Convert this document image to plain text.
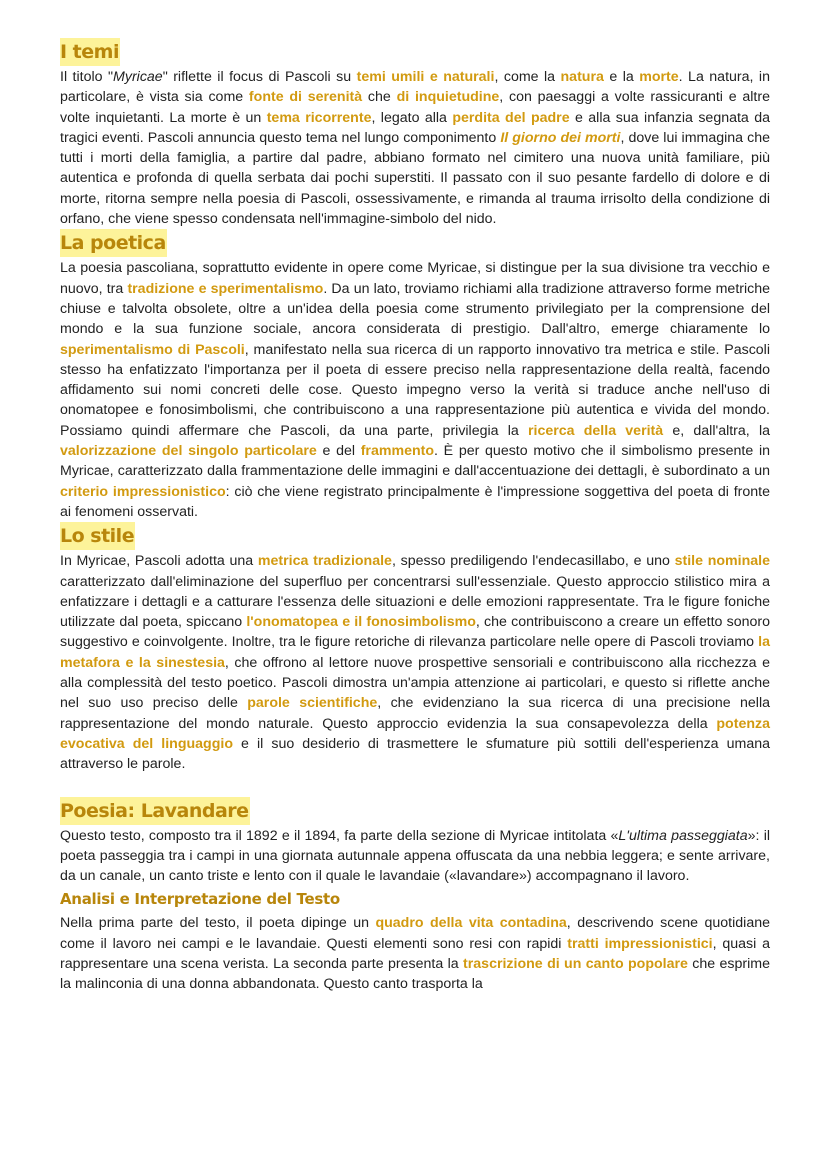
I temi

Il titolo "Myricae" riflette il focus di Pascoli su temi umili e naturali, come la natura e la morte. La natura, in particolare, è vista sia come fonte di serenità che di inquietudine, con paesaggi a volte rassicuranti e altre volte inquietanti. La morte è un tema ricorrente, legato alla perdita del padre e alla sua infanzia segnata da tragici eventi. Pascoli annuncia questo tema nel lungo componimento Il giorno dei morti, dove lui immagina che tutti i morti della famiglia, a partire dal padre, abbiano formato nel cimitero una nuova unità familiare, più autentica e profonda di quella serbata dai pochi superstiti. Il passato con il suo pesante fardello di dolore e di morte, ritorna sempre nella poesia di Pascoli, ossessivamente, e rimanda al trauma irrisolto della condizione di orfano, che viene spesso condensata nell'immagine-simbolo del nido.

La poetica

La poesia pascoliana, soprattutto evidente in opere come Myricae, si distingue per la sua divisione tra vecchio e nuovo, tra tradizione e sperimentalismo. Da un lato, troviamo richiami alla tradizione attraverso forme metriche chiuse e talvolta obsolete, oltre a un'idea della poesia come strumento privilegiato per la comprensione del mondo e la sua funzione sociale, ancora considerata di prestigio. Dall'altro, emerge chiaramente lo sperimentalismo di Pascoli, manifestato nella sua ricerca di un rapporto innovativo tra metrica e stile. Pascoli stesso ha enfatizzato l'importanza per il poeta di essere preciso nella rappresentazione della realtà, facendo affidamento sui nomi concreti delle cose. Questo impegno verso la verità si traduce anche nell'uso di onomatopee e fonosimbolismi, che contribuiscono a una rappresentazione più autentica e vivida del mondo. Possiamo quindi affermare che Pascoli, da una parte, privilegia la ricerca della verità e, dall'altra, la valorizzazione del singolo particolare e del frammento. È per questo motivo che il simbolismo presente in Myricae, caratterizzato dalla frammentazione delle immagini e dall'accentuazione dei dettagli, è subordinato a un criterio impressionistico: ciò che viene registrato principalmente è l'impressione soggettiva del poeta di fronte ai fenomeni osservati.

Lo stile

In Myricae, Pascoli adotta una metrica tradizionale, spesso prediligendo l'endecasillabo, e uno stile nominale caratterizzato dall'eliminazione del superfluo per concentrarsi sull'essenziale. Questo approccio stilistico mira a enfatizzare i dettagli e a catturare l'essenza delle situazioni e delle emozioni rappresentate. Tra le figure foniche utilizzate dal poeta, spiccano l'onomatopea e il fonosimbolismo, che contribuiscono a creare un effetto sonoro suggestivo e coinvolgente. Inoltre, tra le figure retoriche di rilevanza particolare nelle opere di Pascoli troviamo la metafora e la sinestesia, che offrono al lettore nuove prospettive sensoriali e contribuiscono alla ricchezza e alla complessità del testo poetico. Pascoli dimostra un'ampia attenzione ai particolari, e questo si riflette anche nel suo uso preciso delle parole scientifiche, che evidenziano la sua ricerca di una precisione nella rappresentazione del mondo naturale. Questo approccio evidenzia la sua consapevolezza della potenza evocativa del linguaggio e il suo desiderio di trasmettere le sfumature più sottili dell'esperienza umana attraverso le parole.

Poesia: Lavandare

Questo testo, composto tra il 1892 e il 1894, fa parte della sezione di Myricae intitolata «L'ultima passeggiata»: il poeta passeggia tra i campi in una giornata autunnale appena offuscata da una nebbia leggera; e sente arrivare, da un canale, un canto triste e lento con il quale le lavandaie («lavandare») accompagnano il lavoro.

Analisi e Interpretazione del Testo

Nella prima parte del testo, il poeta dipinge un quadro della vita contadina, descrivendo scene quotidiane come il lavoro nei campi e le lavandaie. Questi elementi sono resi con rapidi tratti impressionistici, quasi a rappresentare una scena verista. La seconda parte presenta la trascrizione di un canto popolare che esprime la malinconia di una donna abbandonata. Questo canto trasporta la
